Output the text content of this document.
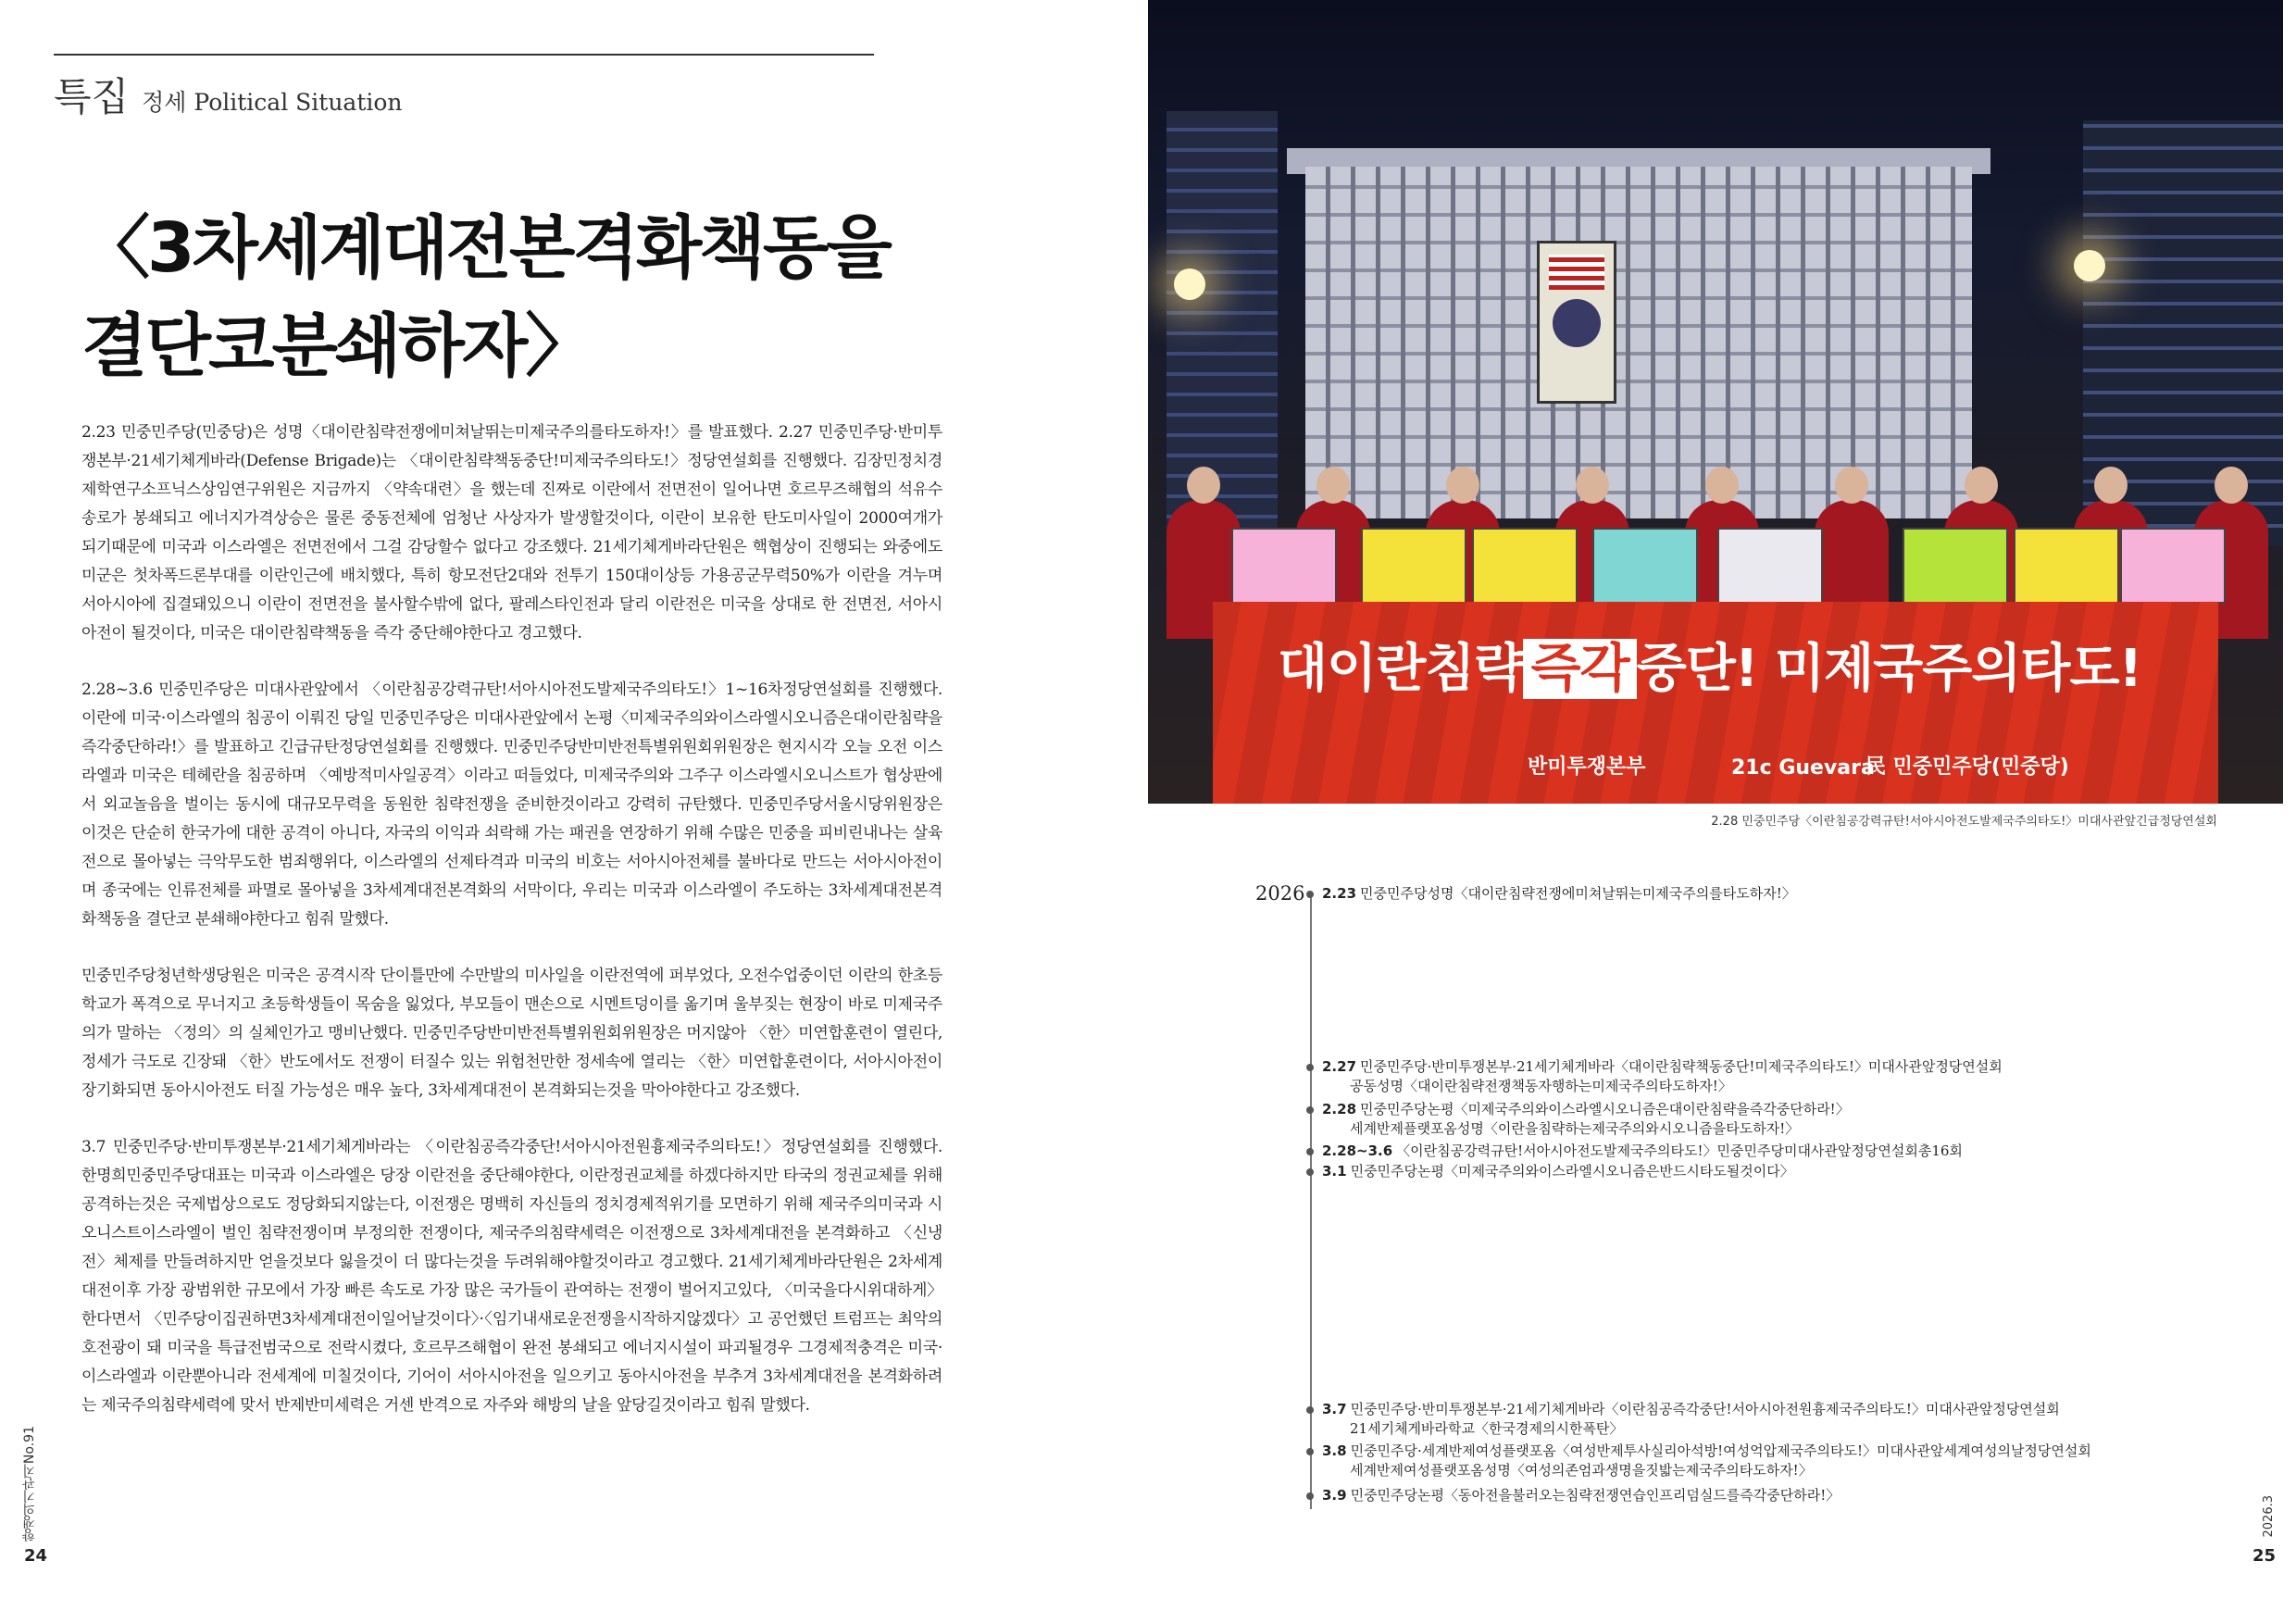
특집 정세 Political Situation
〈3차세계대전본격화책동을
결단코분쇄하자〉

2.23 민중민주당(민중당)은 성명〈대이란침략전쟁에미쳐날뛰는미제국주의를타도하자!〉를 발표했다. 2.27 민중민주당·반미투쟁본부·21세기체게바라(Defense Brigade)는 〈대이란침략책동중단!미제국주의타도!〉정당연설회를 진행했다. 김장민정치경제학연구소프닉스상임연구위원은 지금까지 〈약속대련〉을 했는데 진짜로 이란에서 전면전이 일어나면 호르무즈해협의 석유수송로가 봉쇄되고 에너지가격상승은 물론 중동전체에 엄청난 사상자가 발생할것이다, 이란이 보유한 탄도미사일이 2000여개가 되기때문에 미국과 이스라엘은 전면전에서 그걸 감당할수 없다고 강조했다. 21세기체게바라단원은 핵협상이 진행되는 와중에도 미군은 첫차폭드론부대를 이란인근에 배치했다, 특히 항모전단2대와 전투기 150대이상등 가용공군무력50%가 이란을 겨누며 서아시아에 집결돼있으니 이란이 전면전을 불사할수밖에 없다, 팔레스타인전과 달리 이란전은 미국을 상대로 한 전면전, 서아시아전이 될것이다, 미국은 대이란침략책동을 즉각 중단해야한다고 경고했다.

2.28~3.6 민중민주당은 미대사관앞에서 〈이란침공강력규탄!서아시아전도발제국주의타도!〉1~16차정당연설회를 진행했다. 이란에 미국·이스라엘의 침공이 이뤄진 당일 민중민주당은 미대사관앞에서 논평〈미제국주의와이스라엘시오니즘은대이란침략을즉각중단하라!〉를 발표하고 긴급규탄정당연설회를 진행했다. 민중민주당반미반전특별위원회위원장은 현지시각 오늘 오전 이스라엘과 미국은 테헤란을 침공하며 〈예방적미사일공격〉이라고 떠들었다, 미제국주의와 그주구 이스라엘시오니스트가 협상판에서 외교놀음을 벌이는 동시에 대규모무력을 동원한 침략전쟁을 준비한것이라고 강력히 규탄했다. 민중민주당서울시당위원장은 이것은 단순히 한국가에 대한 공격이 아니다, 자국의 이익과 쇠락해 가는 패권을 연장하기 위해 수많은 민중을 피비린내나는 살육전으로 몰아넣는 극악무도한 범죄행위다, 이스라엘의 선제타격과 미국의 비호는 서아시아전체를 불바다로 만드는 서아시아전이며 종국에는 인류전체를 파멸로 몰아넣을 3차세계대전본격화의 서막이다, 우리는 미국과 이스라엘이 주도하는 3차세계대전본격화책동을 결단코 분쇄해야한다고 힘줘 말했다.

민중민주당청년학생당원은 미국은 공격시작 단이틀만에 수만발의 미사일을 이란전역에 퍼부었다, 오전수업중이던 이란의 한초등학교가 폭격으로 무너지고 초등학생들이 목숨을 잃었다, 부모들이 맨손으로 시멘트덩이를 옮기며 울부짖는 현장이 바로 미제국주의가 말하는 〈정의〉의 실체인가고 맹비난했다. 민중민주당반미반전특별위원회위원장은 머지않아 〈한〉미연합훈련이 열린다, 정세가 극도로 긴장돼 〈한〉반도에서도 전쟁이 터질수 있는 위험천만한 정세속에 열리는 〈한〉미연합훈련이다, 서아시아전이 장기화되면 동아시아전도 터질 가능성은 매우 높다, 3차세계대전이 본격화되는것을 막아야한다고 강조했다.

3.7 민중민주당·반미투쟁본부·21세기체게바라는 〈이란침공즉각중단!서아시아전원흉제국주의타도!〉정당연설회를 진행했다. 한명희민중민주당대표는 미국과 이스라엘은 당장 이란전을 중단해야한다, 이란정권교체를 하겠다하지만 타국의 정권교체를 위해 공격하는것은 국제법상으로도 정당화되지않는다, 이전쟁은 명백히 자신들의 정치경제적위기를 모면하기 위해 제국주의미국과 시오니스트이스라엘이 벌인 침략전쟁이며 부정의한 전쟁이다, 제국주의침략세력은 이전쟁으로 3차세계대전을 본격화하고 〈신냉전〉체제를 만들려하지만 얻을것보다 잃을것이 더 많다는것을 두려워해야할것이라고 경고했다. 21세기체게바라단원은 2차세계대전이후 가장 광범위한 규모에서 가장 빠른 속도로 가장 많은 국가들이 관여하는 전쟁이 벌어지고있다, 〈미국을다시위대하게〉 한다면서 〈민주당이집권하면3차세계대전이일어날것이다〉·〈임기내새로운전쟁을시작하지않겠다〉고 공언했던 트럼프는 최악의 호전광이 돼 미국을 특급전범국으로 전락시켰다, 호르무즈해협이 완전 봉쇄되고 에너지시설이 파괴될경우 그경제적충격은 미국·이스라엘과 이란뿐아니라 전세계에 미칠것이다, 기어이 서아시아전을 일으키고 동아시아전을 부추겨 3차세계대전을 본격화하려는 제국주의침략세력에 맞서 반제반미세력은 거센 반격으로 자주와 해방의 날을 앞당길것이라고 힘줘 말했다.

향쟁의기관지No.91
24
대이란침략 즉각 중단! 미제국주의타도!
반미투쟁본부	21c Guevara
民 민중민주당(민중당)
2.28 민중민주당〈이란침공강력규탄!서아시아전도발제국주의타도!〉미대사관앞긴급정당연설회
2026 2.23 민중민주당성명〈대이란침략전쟁에미쳐날뛰는미제국주의를타도하자!〉
2.27 민중민주당·반미투쟁본부·21세기체게바라〈대이란침략책동중단!미제국주의타도!〉미대사관앞정당연설회
공동성명〈대이란침략전쟁책동자행하는미제국주의타도하자!〉
2.28 민중민주당논평〈미제국주의와이스라엘시오니즘은대이란침략을즉각중단하라!〉
세계반제플랫포옴성명〈이란을침략하는제국주의와시오니즘을타도하자!〉
2.28~3.6 〈이란침공강력규탄!서아시아전도발제국주의타도!〉민중민주당미대사관앞정당연설회총16회
3.1 민중민주당논평〈미제국주의와이스라엘시오니즘은반드시타도될것이다〉
3.7 민중민주당·반미투쟁본부·21세기체게바라〈이란침공즉각중단!서아시아전원흉제국주의타도!〉미대사관앞정당연설회
21세기체게바라학교〈한국경제의시한폭탄〉
3.8 민중민주당·세계반제여성플랫포옴〈여성반제투사실리아석방!여성억압제국주의타도!〉미대사관앞세계여성의날정당연설회
세계반제여성플랫포옴성명〈여성의존엄과생명을짓밟는제국주의타도하자!〉
3.9 민중민주당논평〈동아전을불러오는침략전쟁연습인프리덤실드를즉각중단하라!〉	2026.3
25
